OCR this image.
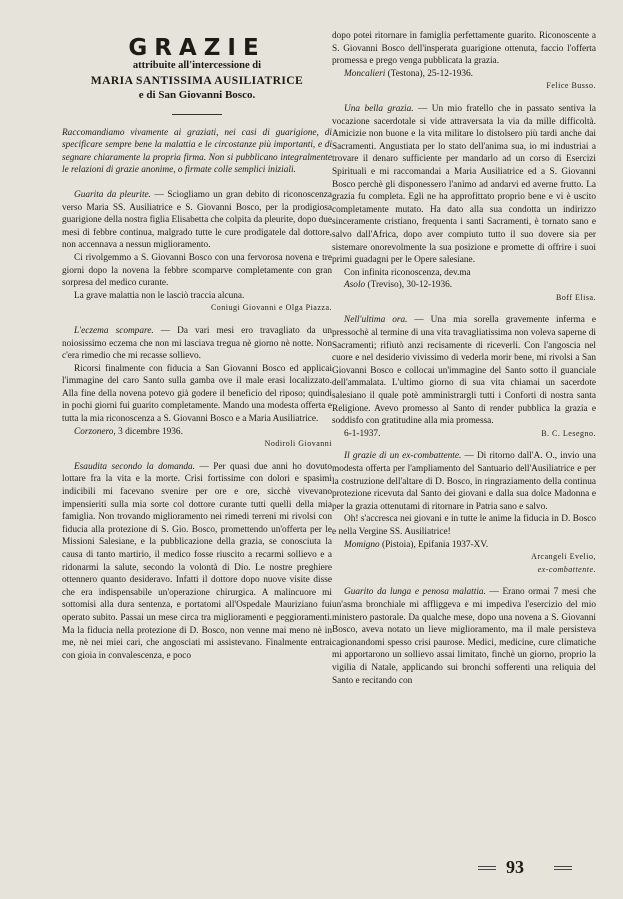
GRAZIE
attribuite all'intercessione di
MARIA SANTISSIMA AUSILIATRICE
e di San Giovanni Bosco.
Raccomandiamo vivamente ai graziati, nei casi di guarigione, di specificare sempre bene la malattia e le circostanze più importanti, e di segnare chiaramente la propria firma. Non si pubblicano integralmente le relazioni di grazie anonime, o firmate colle semplici iniziali.

Guarita da pleurite. — Sciogliamo un gran debito di riconoscenza verso Maria SS. Ausiliatrice e S. Giovanni Bosco, per la prodigiosa guarigione della nostra figlia Elisabetta che colpita da pleurite, dopo due mesi di febbre continua, malgrado tutte le cure prodigatele dal dottore, non accennava a nessun miglioramento.

Ci rivolgemmo a S. Giovanni Bosco con una fervorosa novena e tre giorni dopo la novena la febbre scomparve completamente con gran sorpresa del medico curante.

La grave malattia non le lasciò traccia alcuna.

Coniugi Giovanni e Olga Piazza.

L'eczema scompare. — Da vari mesi ero travagliato da un noiosissimo eczema che non mi lasciava tregua nè giorno nè notte. Non c'era rimedio che mi recasse sollievo.

Ricorsi finalmente con fiducia a San Giovanni Bosco ed applicai l'immagine del caro Santo sulla gamba ove il male erasi localizzato. Alla fine della novena potevo già godere il beneficio del riposo; quindi in pochi giorni fui guarito completamente. Mando una modesta offerta e tutta la mia riconoscenza a S. Giovanni Bosco e a Maria Ausiliatrice.

Corzonero, 3 dicembre 1936.

Nodiroli Giovanni

Esaudita secondo la domanda. — Per quasi due anni ho dovuto lottare fra la vita e la morte. Crisi fortissime con dolori e spasimi indicibili mi facevano svenire per ore e ore, sicchè vivevano impensieriti sulla mia sorte col dottore curante tutti quelli della mia famiglia. Non trovando miglioramento nei rimedi terreni mi rivolsi con fiducia alla protezione di S. Gio. Bosco, promettendo un'offerta per le Missioni Salesiane, e la pubblicazione della grazia, se conosciuta la causa di tanto martirio, il medico fosse riuscito a recarmi sollievo e a ridonarmi la salute, secondo la volontà di Dio. Le nostre preghiere ottennero quanto desideravo. Infatti il dottore dopo nuove visite disse che era indispensabile un'operazione chirurgica. A malincuore mi sottomisi alla dura sentenza, e portatomi all'Ospedale Mauriziano fui operato subito. Passai un mese circa tra miglioramenti e peggioramenti. Ma la fiducia nella protezione di D. Bosco, non venne mai meno nè in me, nè nei miei cari, che angosciati mi assistevano. Finalmente entrai con gioia in convalescenza, e poco

dopo potei ritornare in famiglia perfettamente guarito. Riconoscente a S. Giovanni Bosco dell'insperata guarigione ottenuta, faccio l'offerta promessa e prego venga pubblicata la grazia.

Moncalieri (Testona), 25-12-1936.

Felice Busso.

Una bella grazia. — Un mio fratello che in passato sentiva la vocazione sacerdotale si vide attraversata la via da mille difficoltà. Amicizie non buone e la vita militare lo distolsero più tardi anche dai Sacramenti. Angustiata per lo stato dell'anima sua, io mi industriai a trovare il denaro sufficiente per mandarlo ad un corso di Esercizi Spirituali e mi raccomandai a Maria Ausiliatrice ed a S. Giovanni Bosco perchè gli disponessero l'animo ad andarvi ed averne frutto. La grazia fu completa. Egli ne ha approfittato proprio bene e vi è uscito completamente mutato. Ha dato alla sua condotta un indirizzo sinceramente cristiano, frequenta i santi Sacramenti, è tornato sano e salvo dall'Africa, dopo aver compiuto tutto il suo dovere sia per sistemare onorevolmente la sua posizione e promette di offrire i suoi primi guadagni per le Opere salesiane.

Con infinita riconoscenza, dev.ma

Asolo (Treviso), 30-12-1936.

Boff Elisa.

Nell'ultima ora. — Una mia sorella gravemente inferma e pressochè al termine di una vita travagliatissima non voleva saperne di Sacramenti; rifiutò anzi recisamente di riceverli. Con l'angoscia nel cuore e nel desiderio vivissimo di vederla morir bene, mi rivolsi a San Giovanni Bosco e collocai un'immagine del Santo sotto il guanciale dell'ammalata. L'ultimo giorno di sua vita chiamai un sacerdote salesiano il quale potè amministrargli tutti i Conforti di nostra santa Religione. Avevo promesso al Santo di render pubblica la grazia e soddisfo con gratitudine alla mia promessa.

6-1-1937.	B. C. Lesegno.

Il grazie di un ex-combattente. — Di ritorno dall'A. O., invio una modesta offerta per l'ampliamento del Santuario dell'Ausiliatrice e per la costruzione dell'altare di D. Bosco, in ringraziamento della continua protezione ricevuta dal Santo dei giovani e dalla sua dolce Madonna e per la grazia ottenutami di ritornare in Patria sano e salvo.

Oh! s'accresca nei giovani e in tutte le anime la fiducia in D. Bosco e nella Vergine SS. Ausiliatrice!

Momigno (Pistoia), Epifania 1937-XV.

Arcangeli Evelio,
ex-combattente.

Guarito da lunga e penosa malattia. — Erano ormai 7 mesi che un'asma bronchiale mi affliggeva e mi impediva l'esercizio del mio ministero pastorale. Da qualche mese, dopo una novena a S. Giovanni Bosco, aveva notato un lieve miglioramento, ma il male persisteva cagionandomi spesso crisi paurose. Medici, medicine, cure climatiche mi apportarono un sollievo assai limitato, finchè un giorno, proprio la vigilia di Natale, applicando sui bronchi sofferenti una reliquia del Santo e recitando con

93
